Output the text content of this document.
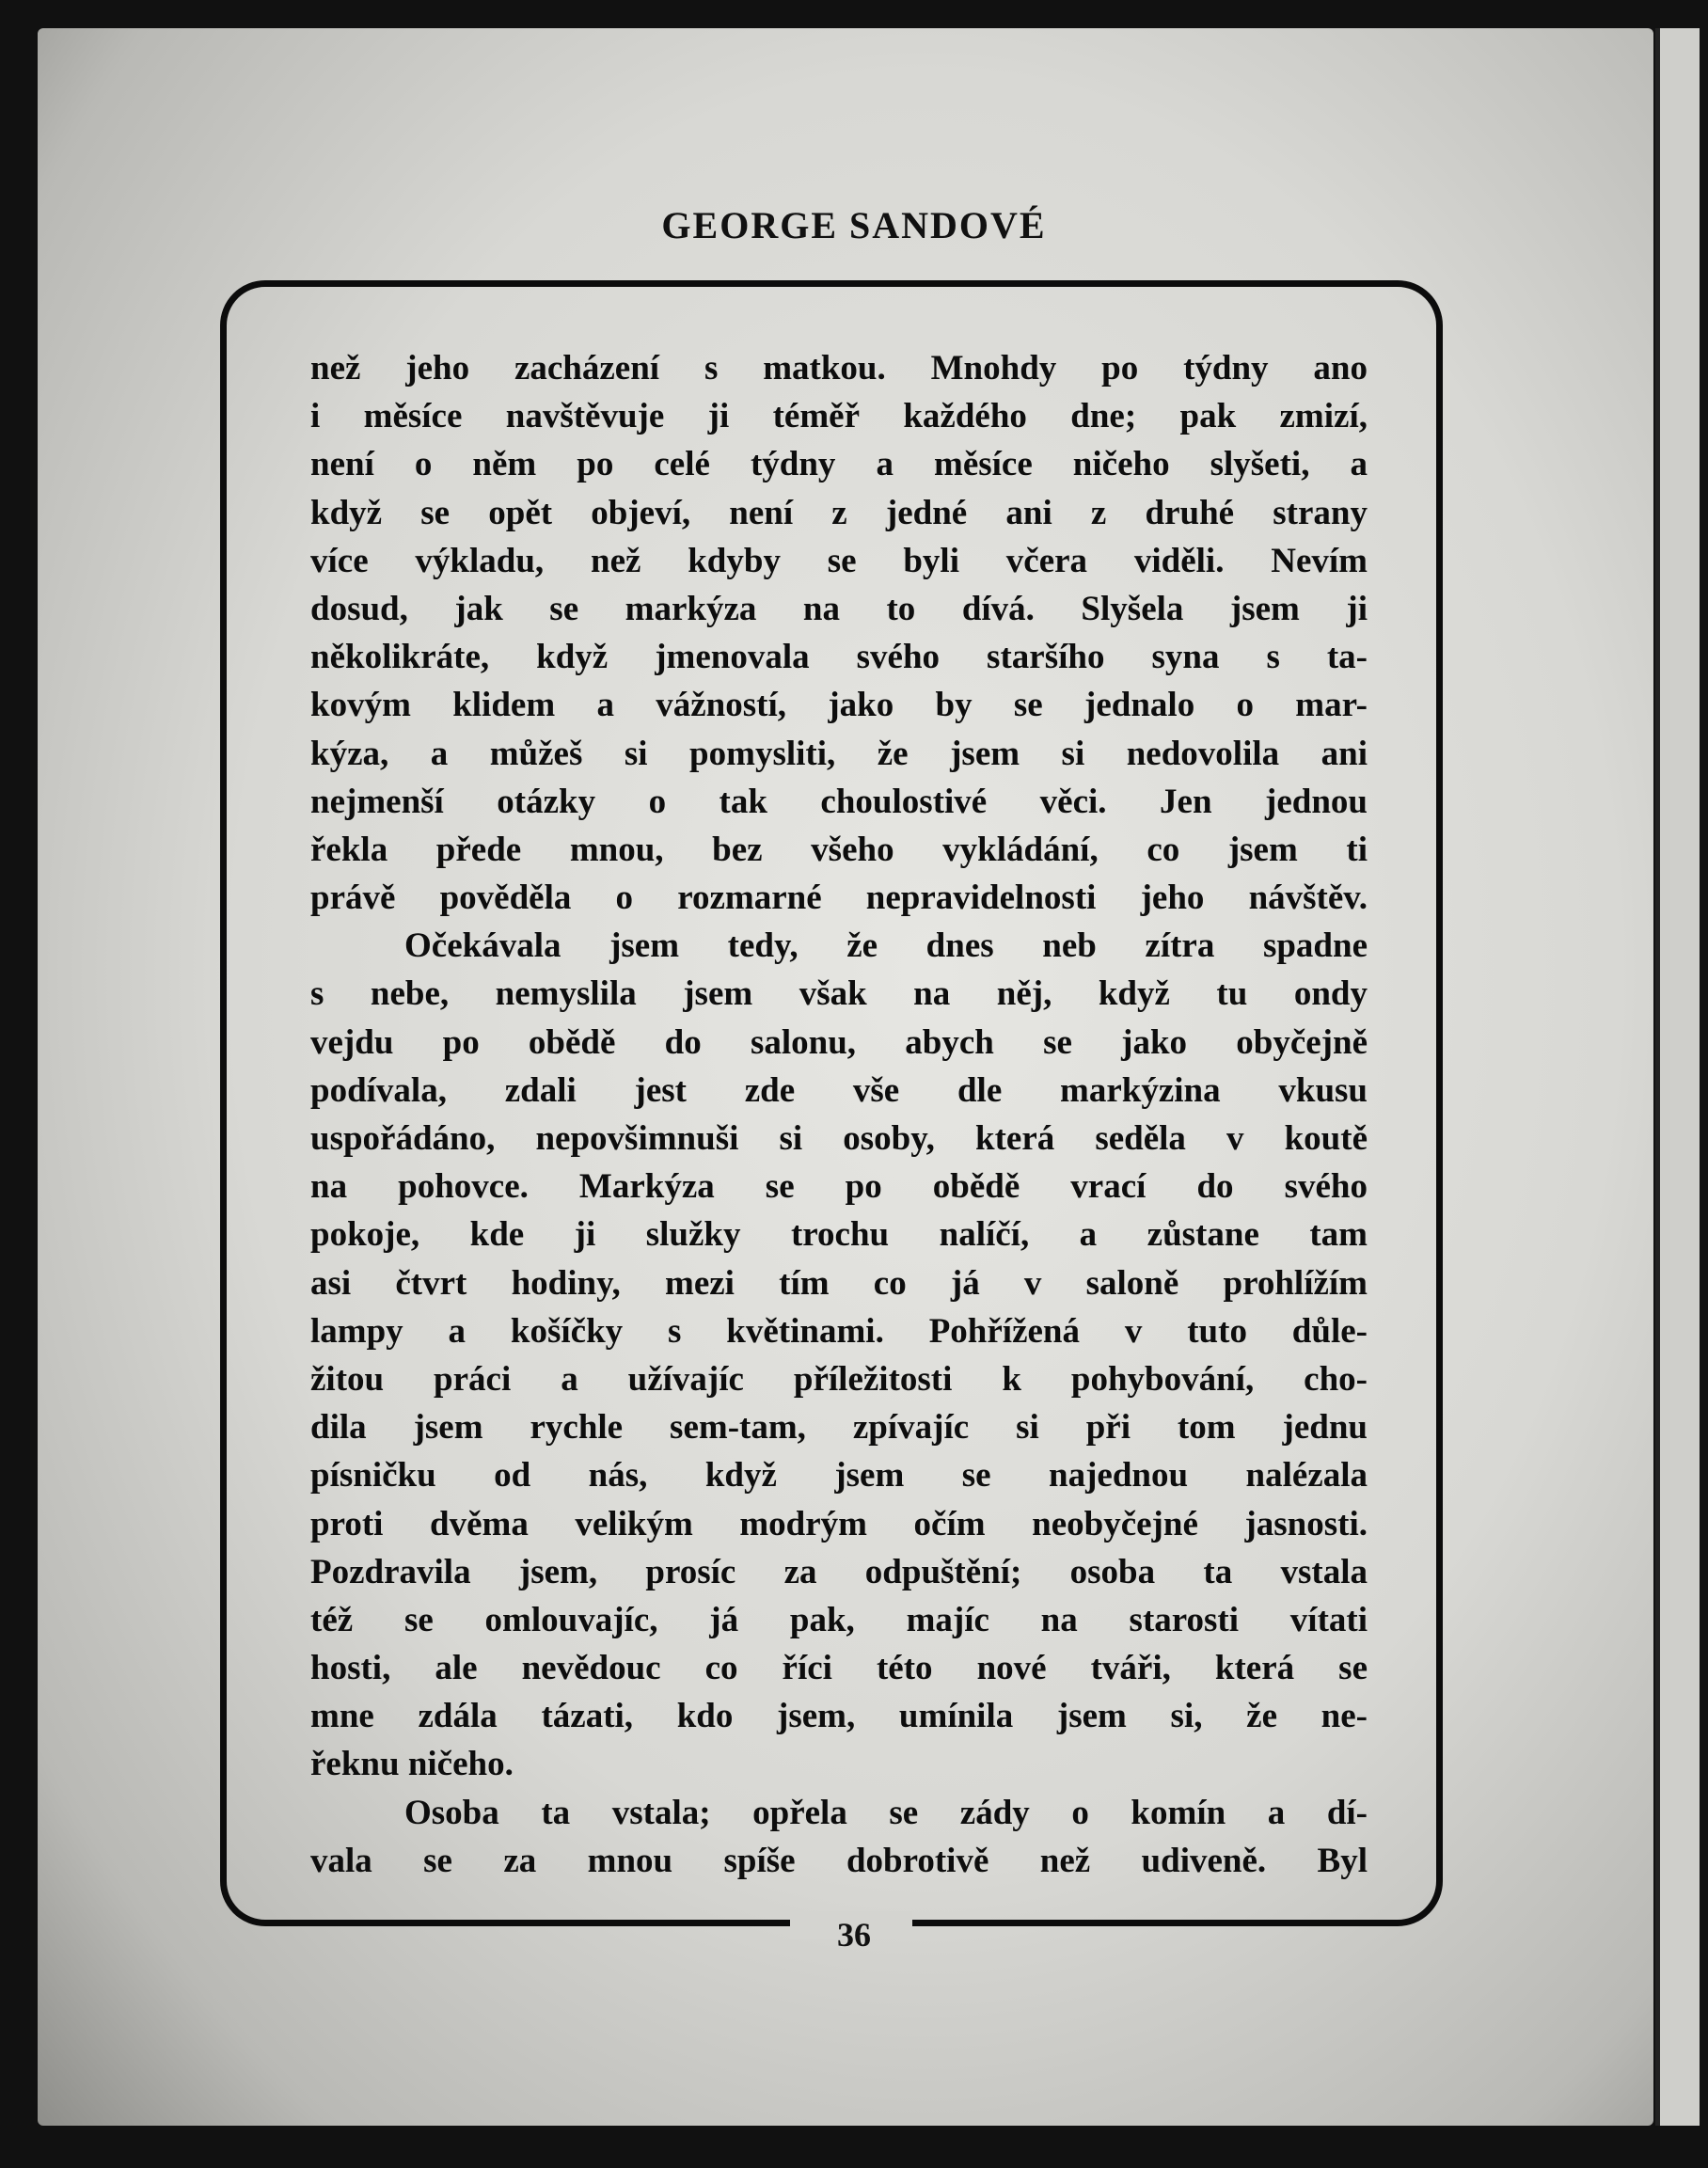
GEORGE SANDOVÉ
než jeho zacházení s matkou. Mnohdy po týdny ano
i měsíce navštěvuje ji téměř každého dne; pak zmizí,
není o něm po celé týdny a měsíce ničeho slyšeti, a
když se opět objeví, není z jedné ani z druhé strany
více výkladu, než kdyby se byli včera viděli. Nevím
dosud, jak se markýza na to dívá. Slyšela jsem ji
několikráte, když jmenovala svého staršího syna s ta-
kovým klidem a vážností, jako by se jednalo o mar-
kýza, a můžeš si pomysliti, že jsem si nedovolila ani
nejmenší otázky o tak choulostivé věci. Jen jednou
řekla přede mnou, bez všeho vykládání, co jsem ti
právě pověděla o rozmarné nepravidelnosti jeho návštěv.
Očekávala jsem tedy, že dnes neb zítra spadne
s nebe, nemyslila jsem však na něj, když tu ondy
vejdu po obědě do salonu, abych se jako obyčejně
podívala, zdali jest zde vše dle markýzina vkusu
uspořádáno, nepovšimnuši si osoby, která seděla v koutě
na pohovce. Markýza se po obědě vrací do svého
pokoje, kde ji služky trochu nalíčí, a zůstane tam
asi čtvrt hodiny, mezi tím co já v saloně prohlížím
lampy a košíčky s květinami. Pohřížená v tuto důle-
žitou práci a užívajíc příležitosti k pohybování, cho-
dila jsem rychle sem-tam, zpívajíc si při tom jednu
písničku od nás, když jsem se najednou nalézala
proti dvěma velikým modrým očím neobyčejné jasnosti.
Pozdravila jsem, prosíc za odpuštění; osoba ta vstala
též se omlouvajíc, já pak, majíc na starosti vítati
hosti, ale nevědouc co říci této nové tváři, která se
mne zdála tázati, kdo jsem, umínila jsem si, že ne-
řeknu ničeho.
Osoba ta vstala; opřela se zády o komín a dí-
vala se za mnou spíše dobrotivě než udiveně. Byl
36
